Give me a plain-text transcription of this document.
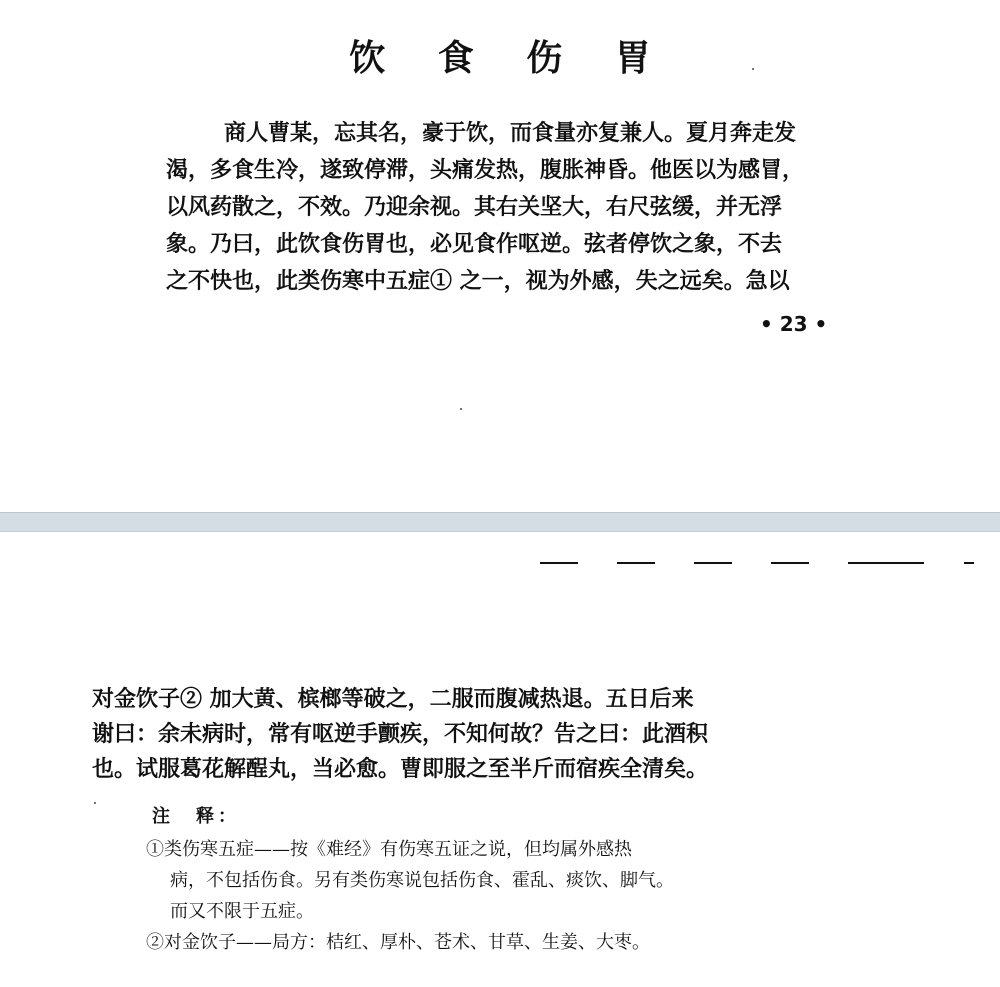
饮 食 伤 胃
商人曹某，忘其名，豪于饮，而食量亦复兼人。夏月奔走发
渴，多食生冷，遂致停滞，头痛发热，腹胀神昏。他医以为感冒，
以风药散之，不效。乃迎余视。其右关坚大，右尺弦缓，并无浮
象。乃曰，此饮食伤胃也，必见食作呕逆。弦者停饮之象，不去
之不快也，此类伤寒中五症① 之一，视为外感，失之远矣。急以
• 23 •
对金饮子② 加大黄、槟榔等破之，二服而腹减热退。五日后来
谢曰：余未病时，常有呕逆手颤疾，不知何故？告之曰：此酒积
也。试服葛花解酲丸，当必愈。曹即服之至半斤而宿疾全清矣。
注　释：
①类伤寒五症——按《难经》有伤寒五证之说，但均属外感热
病，不包括伤食。另有类伤寒说包括伤食、霍乱、痰饮、脚气。
而又不限于五症。
②对金饮子——局方：桔红、厚朴、苍术、甘草、生姜、大枣。
